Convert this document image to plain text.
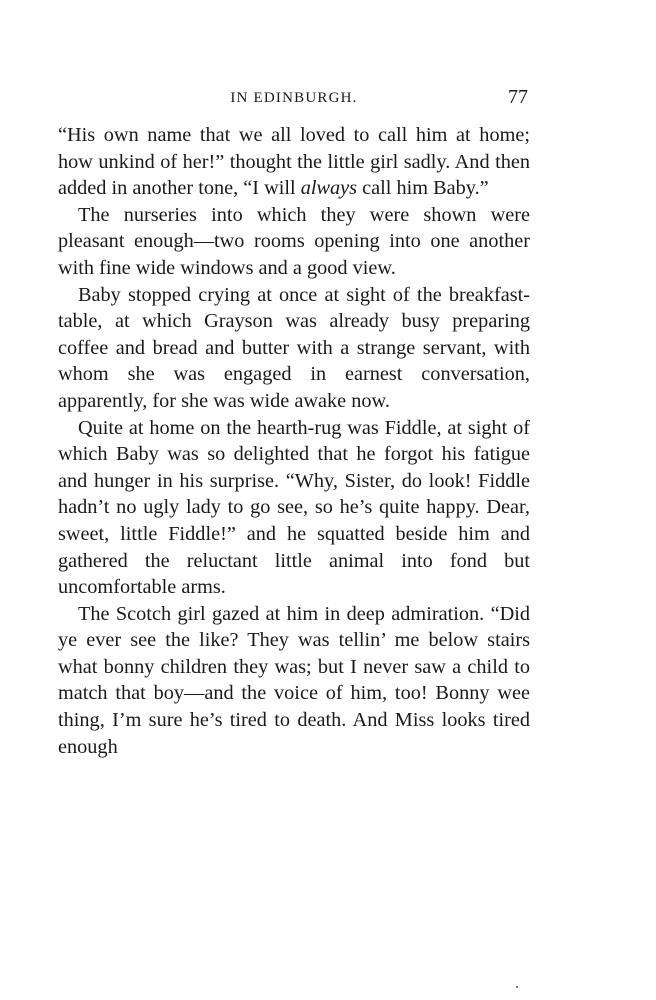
IN EDINBURGH.	77

“His own name that we all loved to call him at home; how unkind of her!” thought the little girl sadly. And then added in another tone, “I will always call him Baby.”

The nurseries into which they were shown were pleasant enough—two rooms opening into one another with fine wide windows and a good view.

Baby stopped crying at once at sight of the breakfast-table, at which Grayson was already busy preparing coffee and bread and butter with a strange servant, with whom she was engaged in earnest conversation, apparently, for she was wide awake now.

Quite at home on the hearth-rug was Fiddle, at sight of which Baby was so delighted that he forgot his fatigue and hunger in his surprise. “Why, Sister, do look! Fiddle hadn’t no ugly lady to go see, so he’s quite happy. Dear, sweet, little Fiddle!” and he squatted beside him and gathered the reluctant little animal into fond but uncomfortable arms.

The Scotch girl gazed at him in deep admiration. “Did ye ever see the like? They was tellin’ me below stairs what bonny children they was; but I never saw a child to match that boy—and the voice of him, too! Bonny wee thing, I’m sure he’s tired to death. And Miss looks tired enough
